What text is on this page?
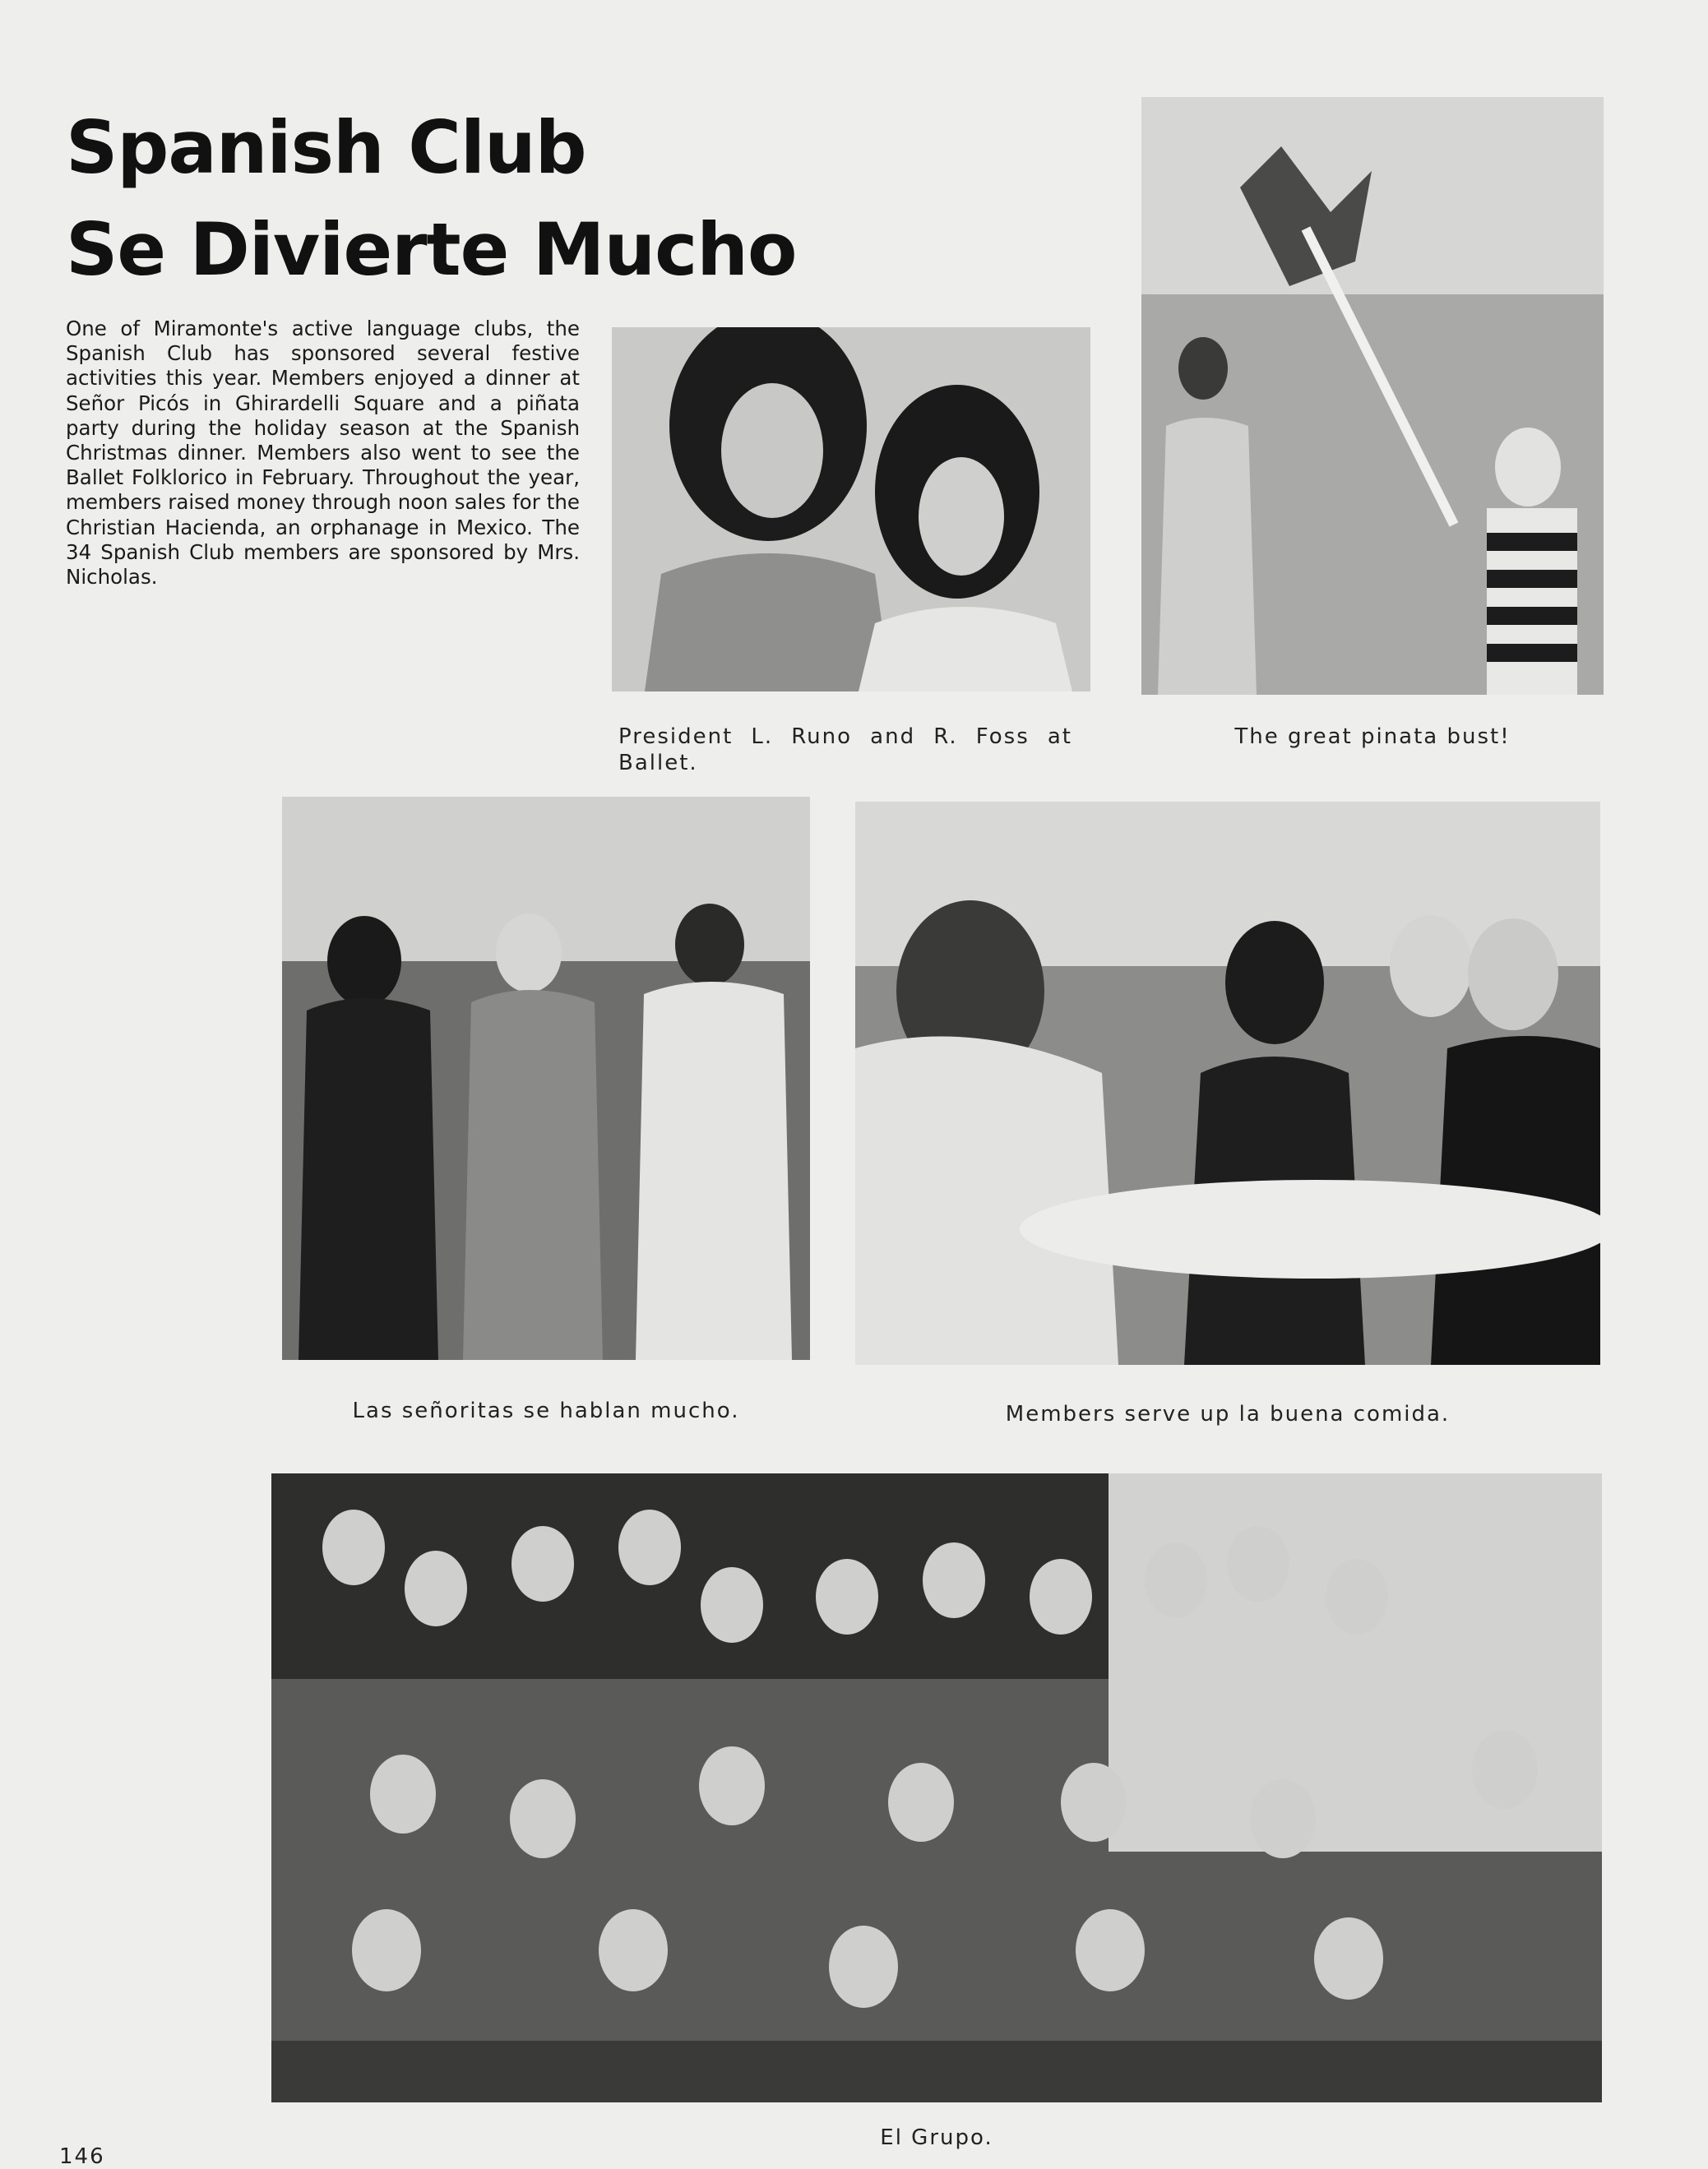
Spanish Club
Se Divierte Mucho
One of Miramonte's active language clubs, the Spanish Club has sponsored several festive activities this year. Members enjoyed a dinner at Señor Picós in Ghirardelli Square and a piñata party during the holiday season at the Spanish Christmas dinner. Members also went to see the Ballet Folklorico in February. Throughout the year, members raised money through noon sales for the Christian Hacienda, an orphanage in Mexico. The 34 Spanish Club members are sponsored by Mrs. Nicholas.
President L. Runo and R. Foss at Ballet.
The great pinata bust!
Las señoritas se hablan mucho.	Members serve up la buena comida.
El Grupo.
146
